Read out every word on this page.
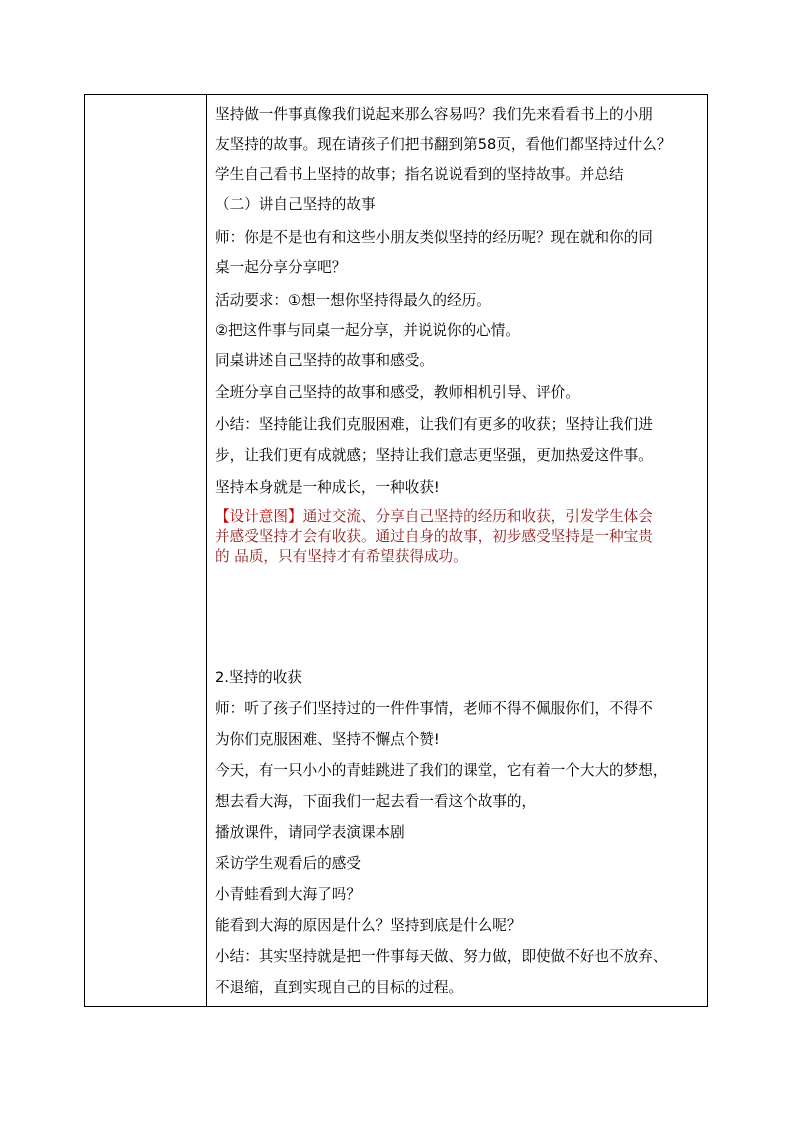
坚持做一件事真像我们说起来那么容易吗？我们先来看看书上的小朋
友坚持的故事。现在请孩子们把书翻到第58页，看他们都坚持过什么？
学生自己看书上坚持的故事；指名说说看到的坚持故事。并总结
（二）讲自己坚持的故事
师：你是不是也有和这些小朋友类似坚持的经历呢？现在就和你的同
桌一起分享分享吧？
活动要求：①想一想你坚持得最久的经历。
②把这件事与同桌一起分享，并说说你的心情。
同桌讲述自己坚持的故事和感受。
全班分享自己坚持的故事和感受，教师相机引导、评价。
小结：坚持能让我们克服困难，让我们有更多的收获；坚持让我们进
步，让我们更有成就感；坚持让我们意志更坚强，更加热爱这件事。
坚持本身就是一种成长，一种收获!
【设计意图】通过交流、分享自己坚持的经历和收获，引发学生体会
并感受坚持才会有收获。通过自身的故事，初步感受坚持是一种宝贵
的 品质，只有坚持才有希望获得成功。
2.坚持的收获
师：听了孩子们坚持过的一件件事情，老师不得不佩服你们，不得不
为你们克服困难、坚持不懈点个赞!
今天，有一只小小的青蛙跳进了我们的课堂，它有着一个大大的梦想，
想去看大海，下面我们一起去看一看这个故事的，
播放课件，请同学表演课本剧
采访学生观看后的感受
小青蛙看到大海了吗？
能看到大海的原因是什么？坚持到底是什么呢？
小结：其实坚持就是把一件事每天做、努力做，即使做不好也不放弃、
不退缩，直到实现自己的目标的过程。
